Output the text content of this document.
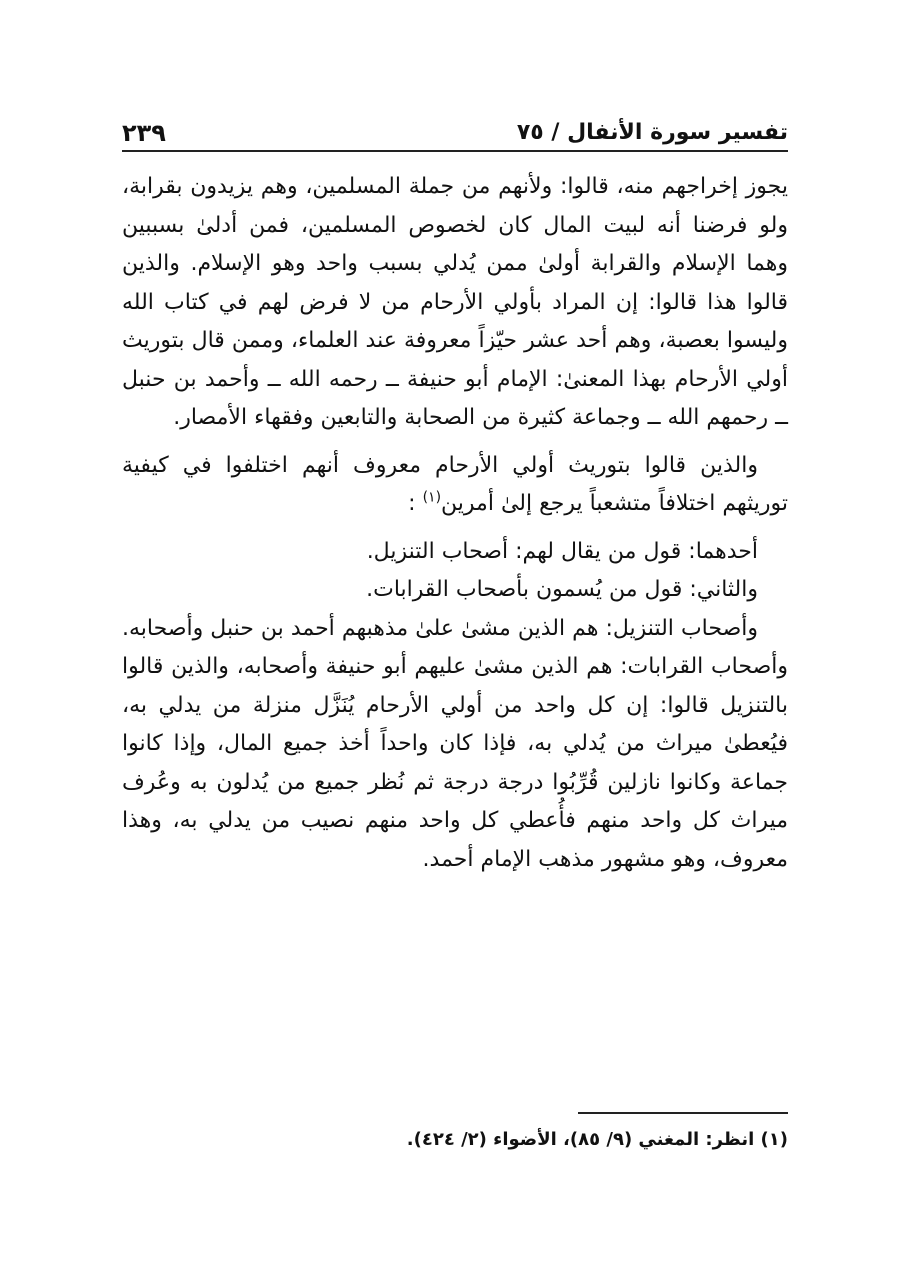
تفسير سورة الأنفال / ٧٥
٢٣٩

يجوز إخراجهم منه، قالوا: ولأنهم من جملة المسلمين، وهم يزيدون بقرابة، ولو فرضنا أنه لبيت المال كان لخصوص المسلمين، فمن أدلىٰ بسببين وهما الإسلام والقرابة أولىٰ ممن يُدلي بسبب واحد وهو الإسلام. والذين قالوا هذا قالوا: إن المراد بأولي الأرحام من لا فرض لهم في كتاب الله وليسوا بعصبة، وهم أحد عشر حيّزاً معروفة عند العلماء، وممن قال بتوريث أولي الأرحام بهذا المعنىٰ: الإمام أبو حنيفة ــ رحمه الله ــ وأحمد بن حنبل ــ رحمهم الله ــ وجماعة كثيرة من الصحابة والتابعين وفقهاء الأمصار.

والذين قالوا بتوريث أولي الأرحام معروف أنهم اختلفوا في كيفية توريثهم اختلافاً متشعباً يرجع إلىٰ أمرين$^{(١)}$ :

أحدهما: قول من يقال لهم: أصحاب التنزيل.

والثاني: قول من يُسمون بأصحاب القرابات.

وأصحاب التنزيل: هم الذين مشىٰ علىٰ مذهبهم أحمد بن حنبل وأصحابه. وأصحاب القرابات: هم الذين مشىٰ عليهم أبو حنيفة وأصحابه، والذين قالوا بالتنزيل قالوا: إن كل واحد من أولي الأرحام يُنَزَّل منزلة من يدلي به، فيُعطىٰ ميراث من يُدلي به، فإذا كان واحداً أخذ جميع المال، وإذا كانوا جماعة وكانوا نازلين قُرِّبُوا درجة درجة ثم نُظر جميع من يُدلون به وعُرف ميراث كل واحد منهم فأُعطي كل واحد منهم نصيب من يدلي به، وهذا معروف، وهو مشهور مذهب الإمام أحمد.

(١) انظر: المغني (٩/ ٨٥)، الأضواء (٢/ ٤٢٤).
